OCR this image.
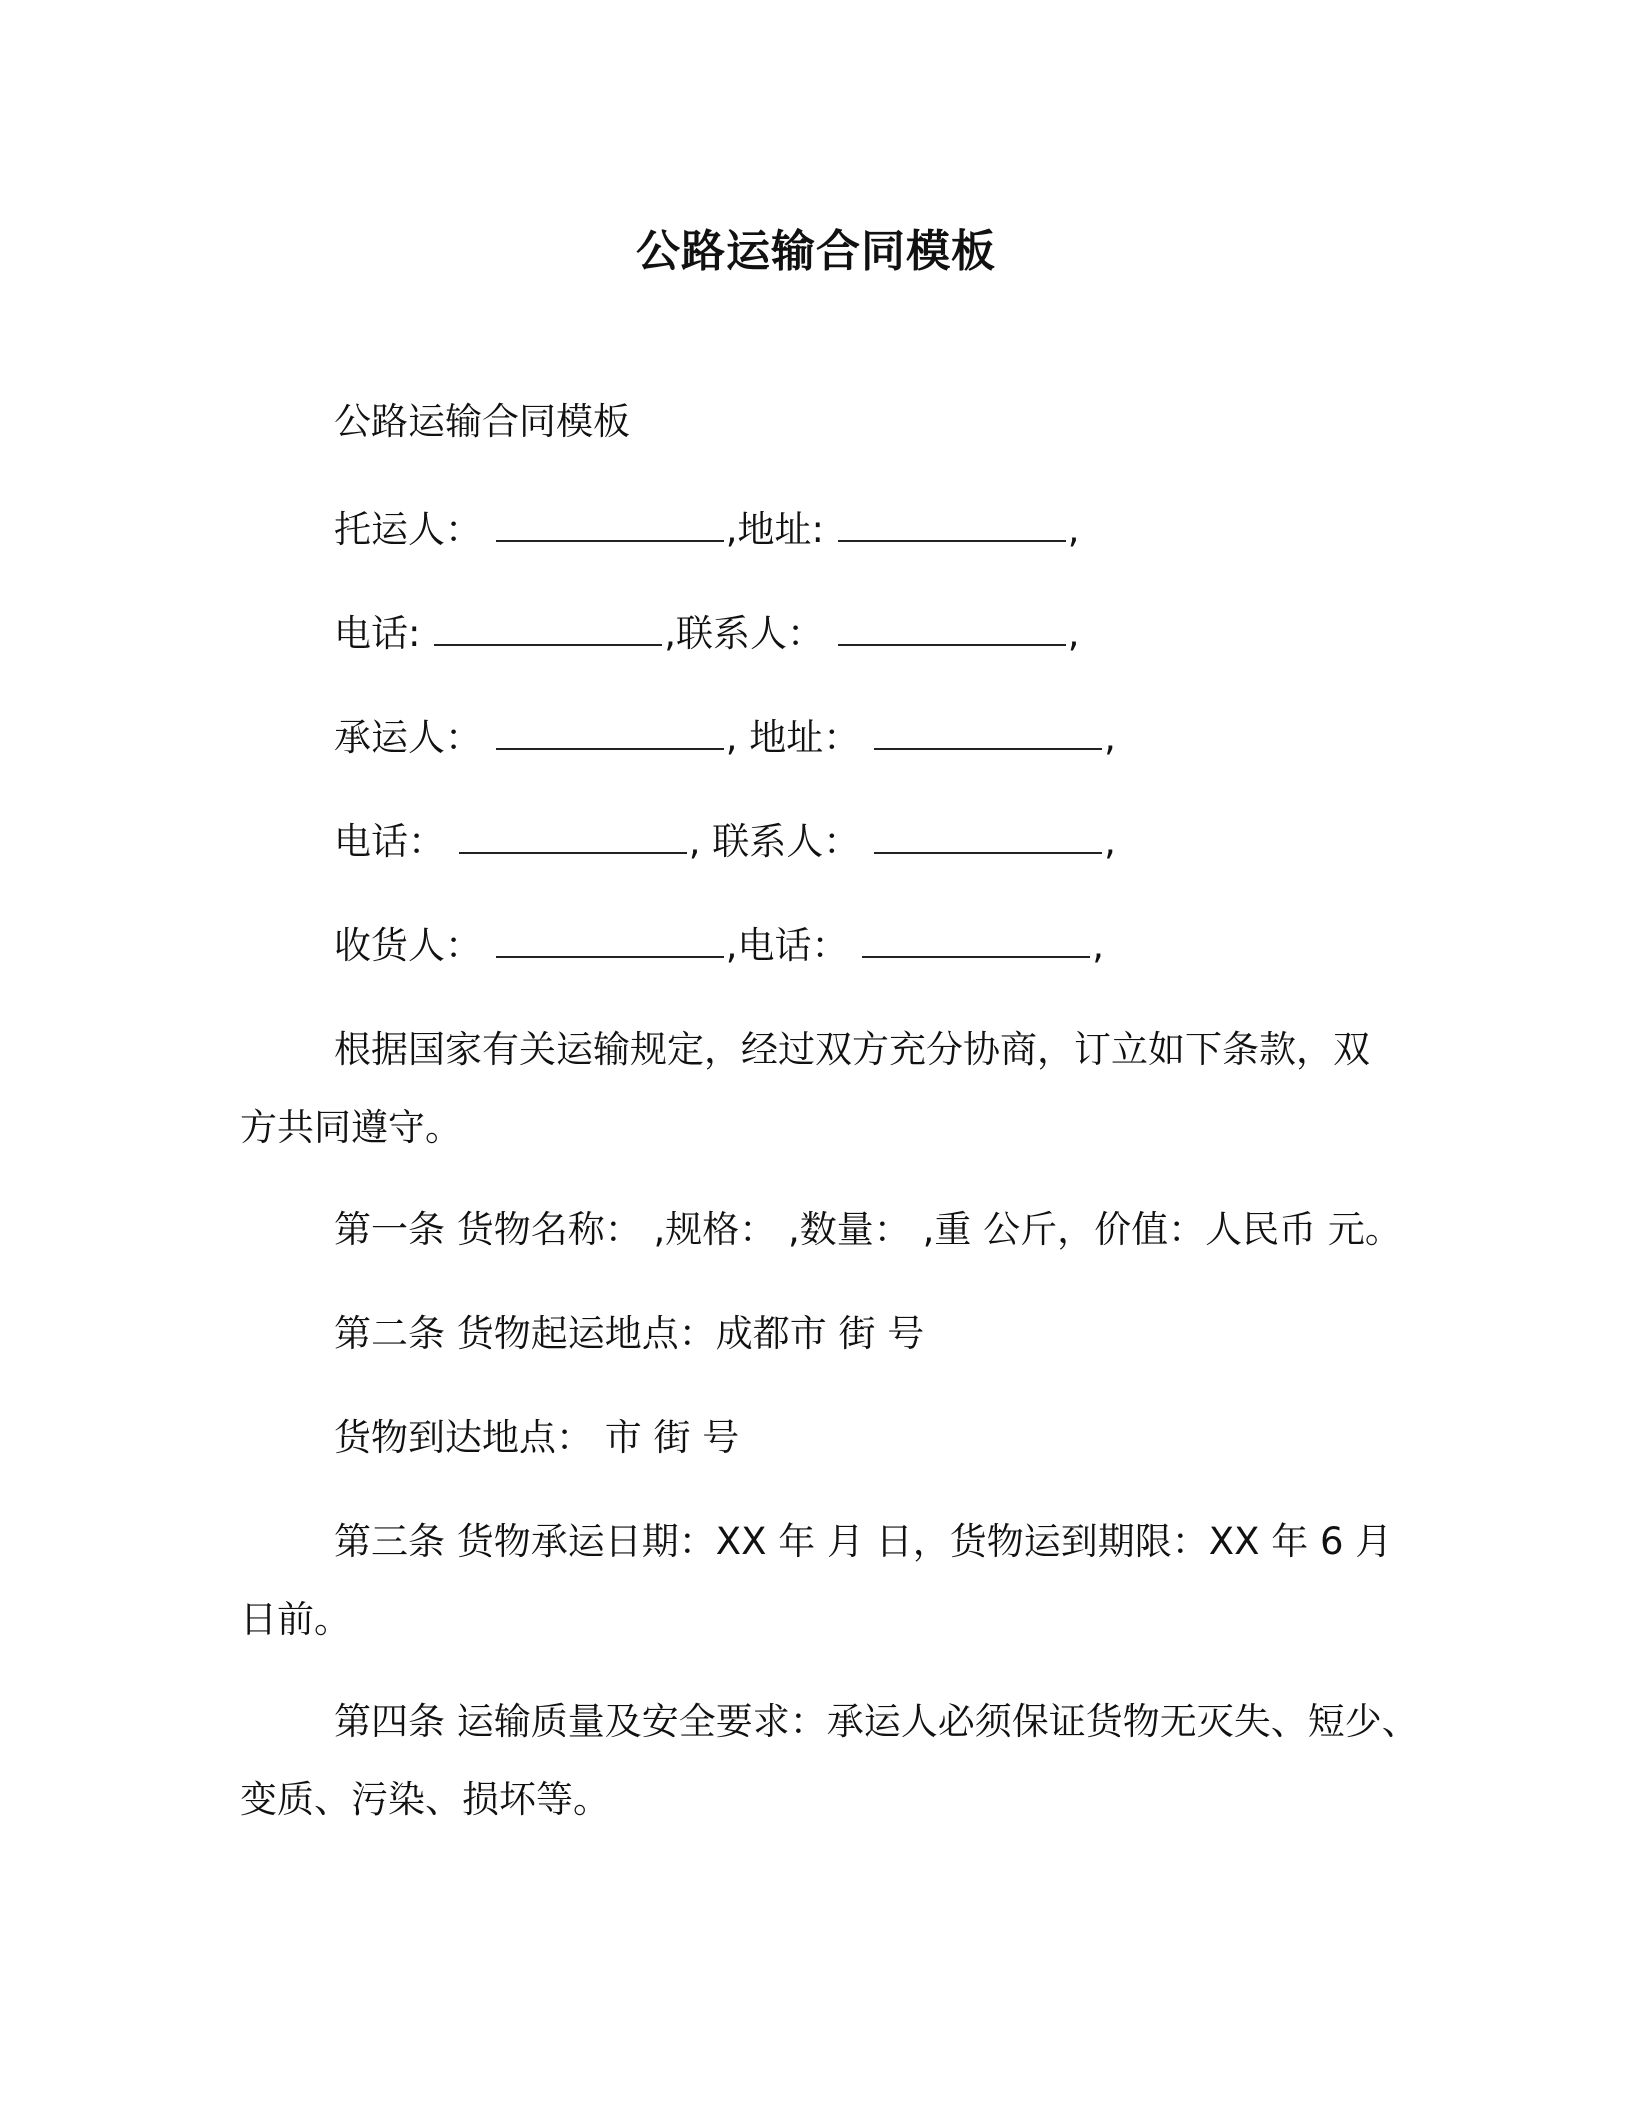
公路运输合同模板
公路运输合同模板
托运人：	,地址:	,
电话:	,联系人：	,
承运人：	, 地址：	,
电话：	, 联系人：	,
收货人：	,电话：	,
根据国家有关运输规定，经过双方充分协商，订立如下条款，双
方共同遵守。
第一条 货物名称： ,规格： ,数量： ,重 公斤，价值：人民币 元。
第二条 货物起运地点：成都市 街 号
货物到达地点： 市 街 号
第三条 货物承运日期：XX 年 月 日，货物运到期限：XX 年 6 月
日前。
第四条 运输质量及安全要求：承运人必须保证货物无灭失、短少、
变质、污染、损坏等。
